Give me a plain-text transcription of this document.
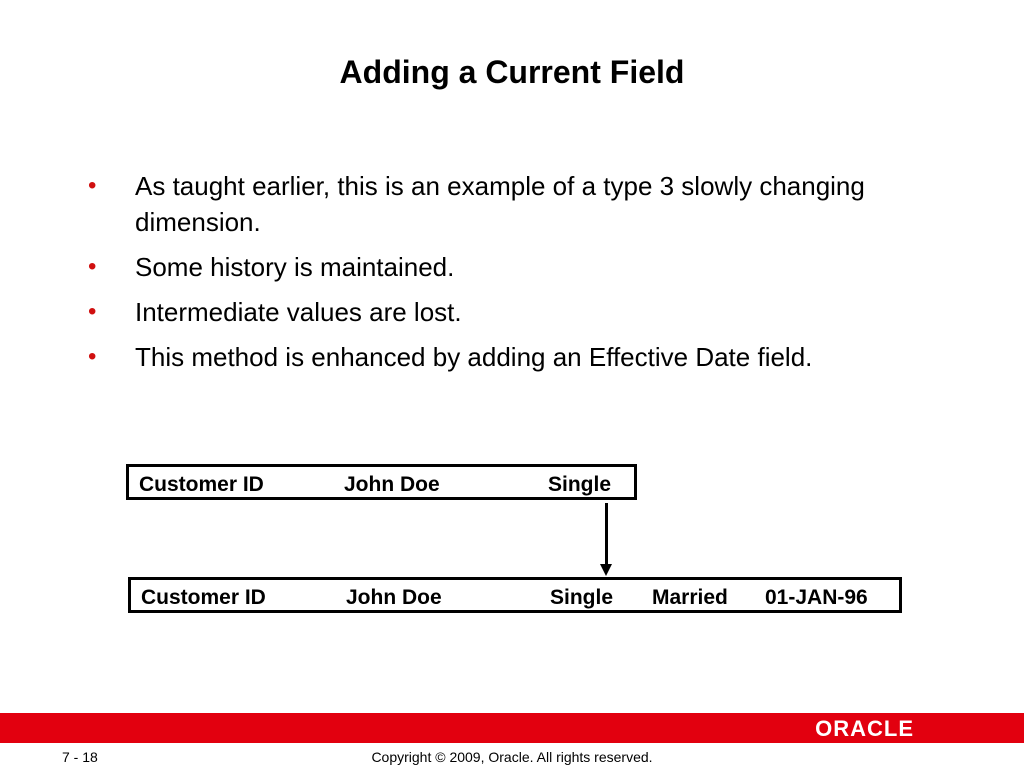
Adding a Current Field
• As taught earlier, this is an example of a type 3 slowly changing dimension.
• Some history is maintained.
• Intermediate values are lost.
• This method is enhanced by adding an Effective Date field.
Customer ID	John Doe	Single
Customer ID	John Doe	Single Married 01-JAN-96
ORACLE
7 - 18	Copyright © 2009, Oracle. All rights reserved.
